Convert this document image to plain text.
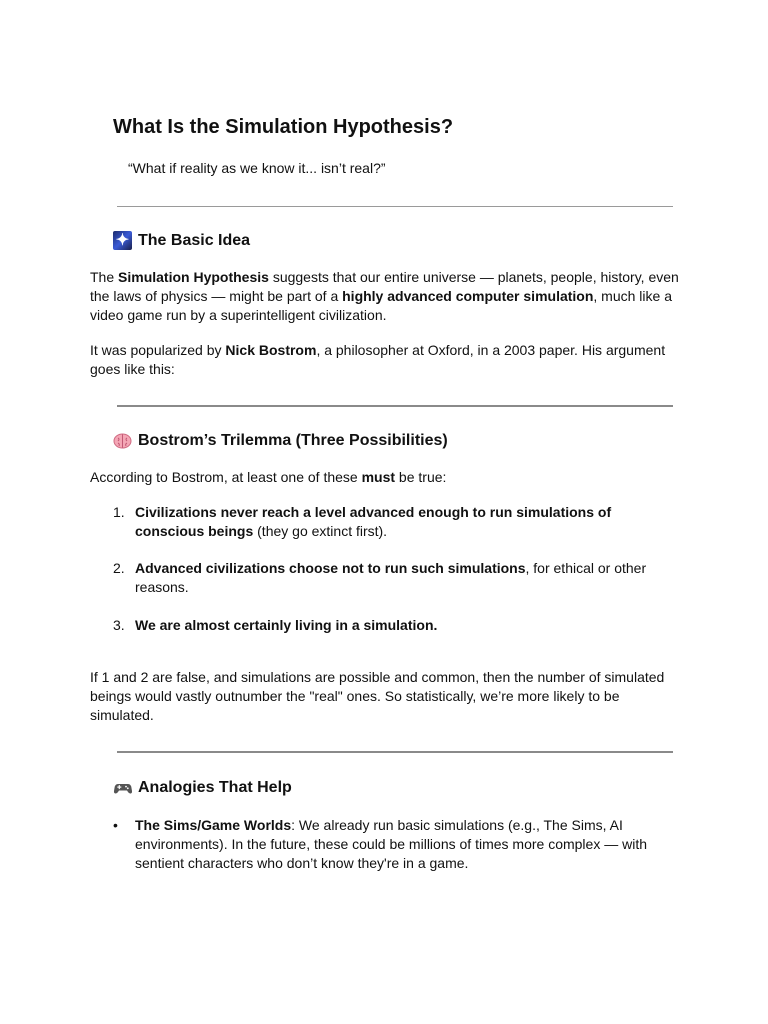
What Is the Simulation Hypothesis?
“What if reality as we know it... isn’t real?”
✦ The Basic Idea

The Simulation Hypothesis suggests that our entire universe — planets, people, history, even the laws of physics — might be part of a highly advanced computer simulation, much like a video game run by a superintelligent civilization.

It was popularized by Nick Bostrom, a philosopher at Oxford, in a 2003 paper. His argument goes like this:

Bostrom’s Trilemma (Three Possibilities)

According to Bostrom, at least one of these must be true:

1. Civilizations never reach a level advanced enough to run simulations of conscious beings (they go extinct first).
2. Advanced civilizations choose not to run such simulations, for ethical or other reasons.
3. We are almost certainly living in a simulation.

If 1 and 2 are false, and simulations are possible and common, then the number of simulated beings would vastly outnumber the "real" ones. So statistically, we’re more likely to be simulated.

Analogies That Help
• The Sims/Game Worlds: We already run basic simulations (e.g., The Sims, AI environments). In the future, these could be millions of times more complex — with sentient characters who don’t know they're in a game.
